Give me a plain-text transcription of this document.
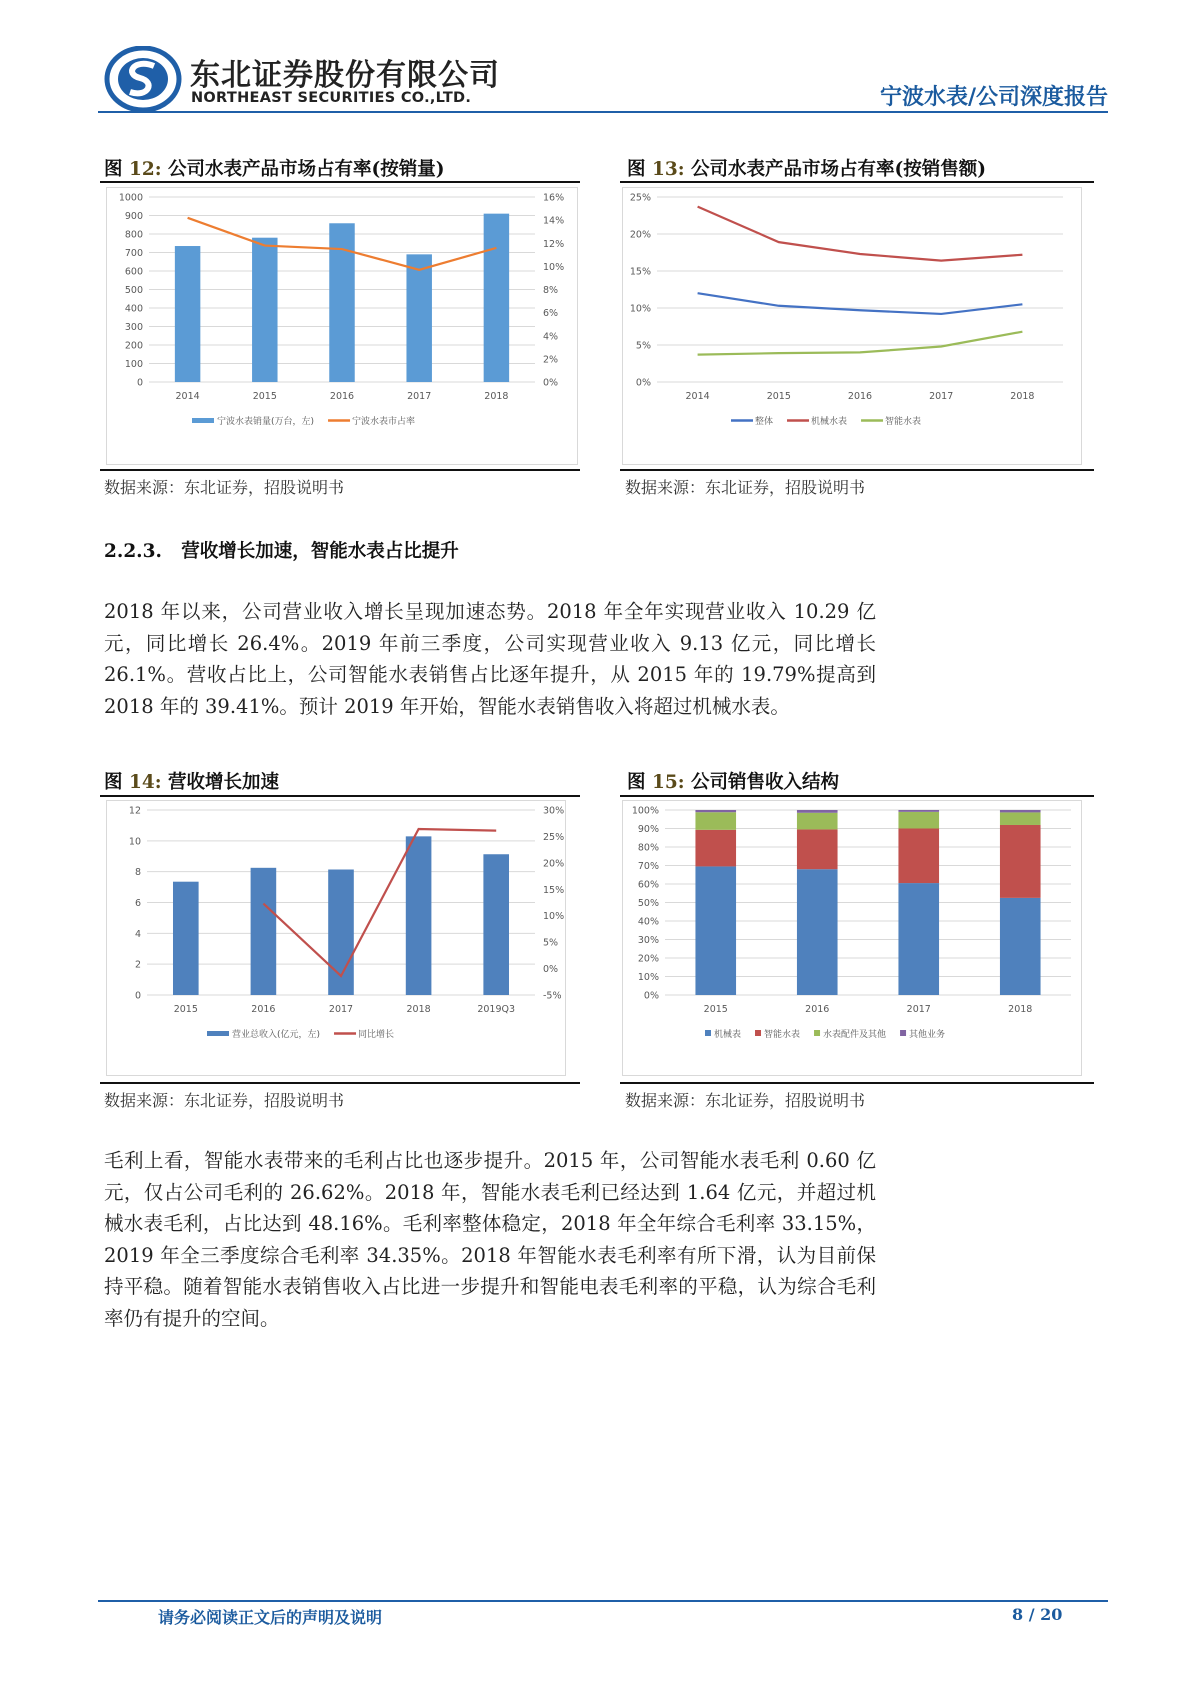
东北证券股份有限公司
NORTHEAST SECURITIES CO.,LTD.	宁波水表/公司深度报告
图 12: 公司水表产品市场占有率(按销量)
0
100
200
300
400
500
600
700
800
900
1000
0%
2%
4%
6%
8%
10%
12%
14%
16%
2014	2015	2016	2017	2018
宁波水表销量(万台，左)	宁波水表市占率
数据来源：东北证券，招股说明书
图 13: 公司水表产品市场占有率(按销售额)
0%
5%
10%
15%
20%
25%
2014	2015	2016	2017	2018
整体	机械水表	智能水表
数据来源：东北证券，招股说明书
2.2.3. 营收增长加速，智能水表占比提升

2018 年以来，公司营业收入增长呈现加速态势。2018 年全年实现营业收入 10.29 亿元，同比增长 26.4%。2019 年前三季度，公司实现营业收入 9.13 亿元，同比增长 26.1%。营收占比上，公司智能水表销售占比逐年提升，从 2015 年的 19.79%提高到 2018 年的 39.41%。预计 2019 年开始，智能水表销售收入将超过机械水表。

图 14: 营收增长加速
0
2
4
6
8
10
12
-5%
0%
5%
10%
15%
20%
25%
30%
2015	2016	2017	2018	2019Q3
营业总收入(亿元，左)	同比增长
数据来源：东北证券，招股说明书
图 15: 公司销售收入结构
0%
10%
20%
30%
40%
50%
60%
70%
80%
90%
100%
2015	2016	2017	2018
机械表	智能水表	水表配件及其他	其他业务
数据来源：东北证券，招股说明书

毛利上看，智能水表带来的毛利占比也逐步提升。2015 年，公司智能水表毛利 0.60 亿元，仅占公司毛利的 26.62%。2018 年，智能水表毛利已经达到 1.64 亿元，并超过机械水表毛利，占比达到 48.16%。毛利率整体稳定，2018 年全年综合毛利率 33.15%，2019 年全三季度综合毛利率 34.35%。2018 年智能水表毛利率有所下滑，认为目前保持平稳。随着智能水表销售收入占比进一步提升和智能电表毛利率的平稳，认为综合毛利率仍有提升的空间。

请务必阅读正文后的声明及说明	8 / 20
